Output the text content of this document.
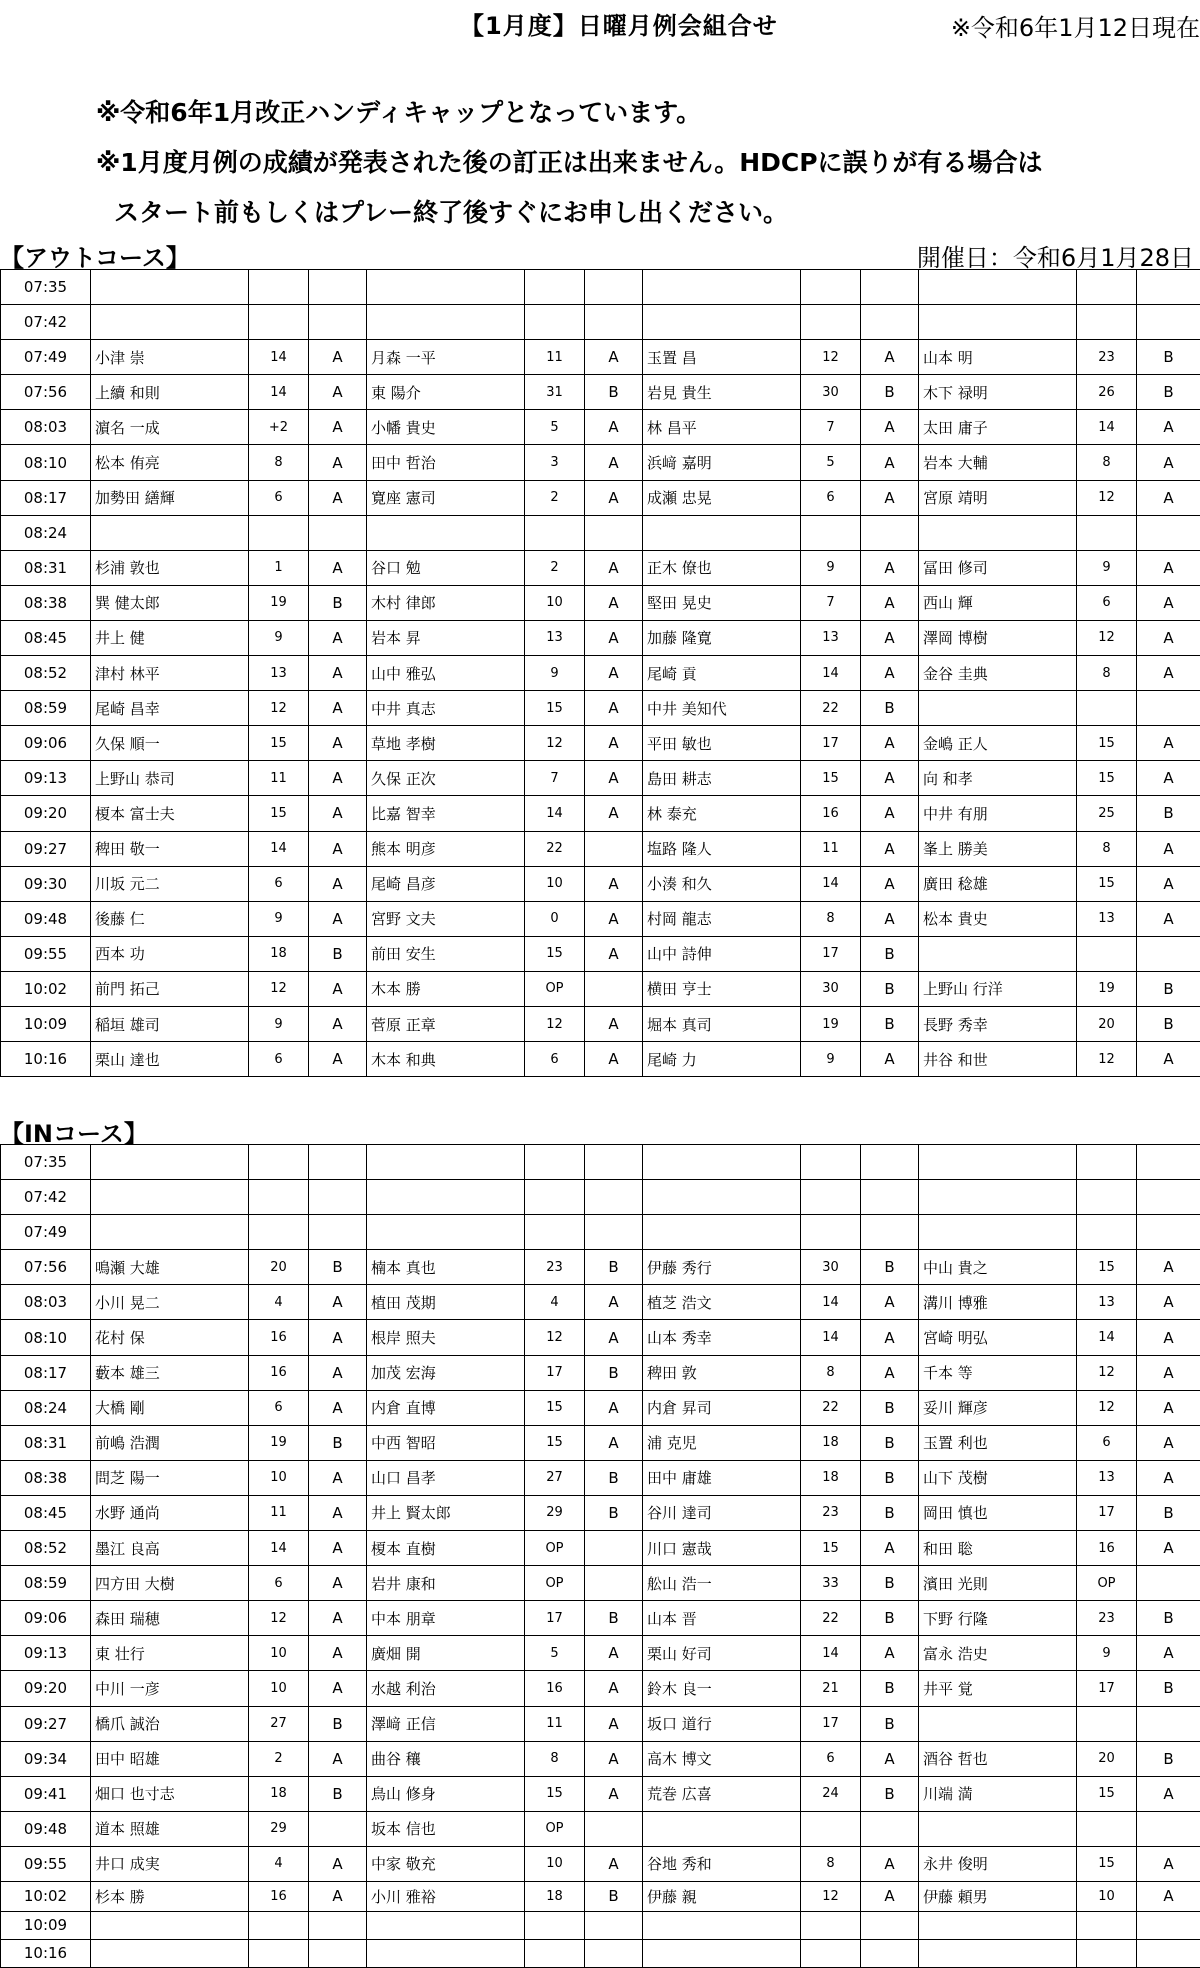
【1月度】日曜月例会組合せ	※令和6年1月12日現在
※令和6年1月改正ハンディキャップとなっています。
※1月度月例の成績が発表された後の訂正は出来ません。HDCPに誤りが有る場合は
スタート前もしくはプレー終了後すぐにお申し出ください。
【アウトコース】	開催日：令和6月1月28日
07:35												
07:42												
07:49	小津 崇	14	A	月森 一平	11	A	玉置 昌	12	A	山本 明	23	B
07:56	上續 和則	14	A	東 陽介	31	B	岩見 貴生	30	B	木下 禄明	26	B
08:03	濵名 一成	+2	A	小幡 貴史	5	A	林 昌平	7	A	太田 庸子	14	A
08:10	松本 侑亮	8	A	田中 哲治	3	A	浜﨑 嘉明	5	A	岩本 大輔	8	A
08:17	加勢田 繕輝	6	A	寛座 憲司	2	A	成瀬 忠晃	6	A	宮原 靖明	12	A
08:24												
08:31	杉浦 敦也	1	A	谷口 勉	2	A	正木 僚也	9	A	冨田 修司	9	A
08:38	巽 健太郎	19	B	木村 律郎	10	A	堅田 晃史	7	A	西山 輝	6	A
08:45	井上 健	9	A	岩本 昇	13	A	加藤 隆寛	13	A	澤岡 博樹	12	A
08:52	津村 林平	13	A	山中 雅弘	9	A	尾崎 貢	14	A	金谷 圭典	8	A
08:59	尾崎 昌幸	12	A	中井 真志	15	A	中井 美知代	22	B			
09:06	久保 順一	15	A	草地 孝樹	12	A	平田 敏也	17	A	金嶋 正人	15	A
09:13	上野山 恭司	11	A	久保 正次	7	A	島田 耕志	15	A	向 和孝	15	A
09:20	榎本 富士夫	15	A	比嘉 智幸	14	A	林 泰充	16	A	中井 有朋	25	B
09:27	稗田 敬一	14	A	熊本 明彦	22		塩路 隆人	11	A	峯上 勝美	8	A
09:30	川坂 元二	6	A	尾崎 昌彦	10	A	小湊 和久	14	A	廣田 稔雄	15	A
09:48	後藤 仁	9	A	宮野 文夫	0	A	村岡 龍志	8	A	松本 貴史	13	A
09:55	西本 功	18	B	前田 安生	15	A	山中 詩伸	17	B			
10:02	前門 拓己	12	A	木本 勝	OP		横田 亨士	30	B	上野山 行洋	19	B
10:09	稲垣 雄司	9	A	菅原 正章	12	A	堀本 真司	19	B	長野 秀幸	20	B
10:16	栗山 達也	6	A	木本 和典	6	A	尾崎 力	9	A	井谷 和世	12	A
【INコース】
07:35												
07:42												
07:49												
07:56	鳴瀬 大雄	20	B	楠本 真也	23	B	伊藤 秀行	30	B	中山 貴之	15	A
08:03	小川 晃二	4	A	植田 茂期	4	A	植芝 浩文	14	A	溝川 博雅	13	A
08:10	花村 保	16	A	根岸 照夫	12	A	山本 秀幸	14	A	宮崎 明弘	14	A
08:17	藪本 雄三	16	A	加茂 宏海	17	B	稗田 敦	8	A	千本 等	12	A
08:24	大橋 剛	6	A	内倉 直博	15	A	内倉 昇司	22	B	妥川 輝彦	12	A
08:31	前嶋 浩潤	19	B	中西 智昭	15	A	浦 克児	18	B	玉置 利也	6	A
08:38	問芝 陽一	10	A	山口 昌孝	27	B	田中 庸雄	18	B	山下 茂樹	13	A
08:45	水野 通尚	11	A	井上 賢太郎	29	B	谷川 達司	23	B	岡田 慎也	17	B
08:52	墨江 良高	14	A	榎本 直樹	OP		川口 憲哉	15	A	和田 聡	16	A
08:59	四方田 大樹	6	A	岩井 康和	OP		舩山 浩一	33	B	濱田 光則	OP	
09:06	森田 瑞穂	12	A	中本 朋章	17	B	山本 晋	22	B	下野 行隆	23	B
09:13	東 壮行	10	A	廣畑 開	5	A	栗山 好司	14	A	富永 浩史	9	A
09:20	中川 一彦	10	A	水越 利治	16	A	鈴木 良一	21	B	井平 覚	17	B
09:27	橋爪 誠治	27	B	澤﨑 正信	11	A	坂口 道行	17	B			
09:34	田中 昭雄	2	A	曲谷 穰	8	A	高木 博文	6	A	酒谷 哲也	20	B
09:41	畑口 也寸志	18	B	鳥山 修身	15	A	荒巻 広喜	24	B	川端 満	15	A
09:48	道本 照雄	29		坂本 信也	OP							
09:55	井口 成実	4	A	中家 敬充	10	A	谷地 秀和	8	A	永井 俊明	15	A
10:02	杉本 勝	16	A	小川 雅裕	18	B	伊藤 親	12	A	伊藤 頼男	10	A
10:09												
10:16												
